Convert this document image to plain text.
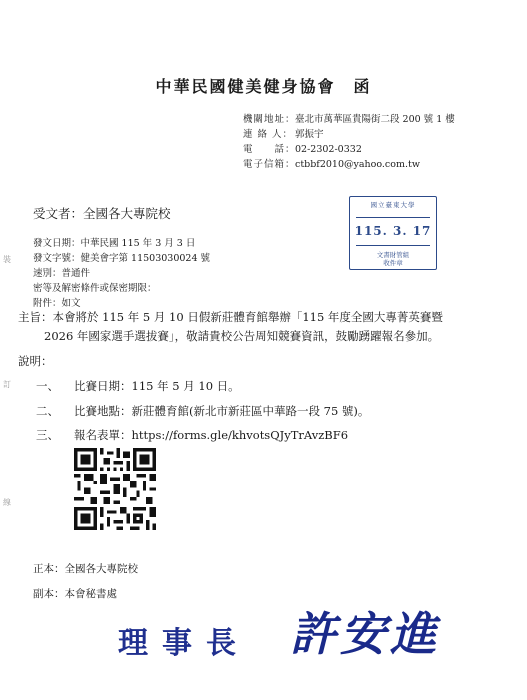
裝
訂
線
中華民國健美健身協會　函
機關地址：臺北市萬華區貴陽街二段 200 號 1 樓
連 絡 人： 郭振宇
電　　話：02-2302-0332
電子信箱：ctbbf2010@yahoo.com.tw
受文者：全國各大專院校
國立臺東大學
115. 3. 17
文書財管組
收件章
發文日期：中華民國 115 年 3 月 3 日
發文字號：健美會字第 11503030024 號
速別：普通件
密等及解密條件或保密期限：
附件：如文
主旨：本會將於 115 年 5 月 10 日假新莊體育館舉辦「115 年度全國大專菁英賽暨
2026 年國家選手選拔賽」，敬請貴校公告周知競賽資訊，鼓勵踴躍報名參加。
說明：
一、 比賽日期：115 年 5 月 10 日。
二、 比賽地點：新莊體育館(新北市新莊區中華路一段 75 號)。
三、 報名表單：https://forms.gle/khvotsQJyTrAvzBF6
正本：全國各大專院校
副本：本會秘書處
理事長 許安進
